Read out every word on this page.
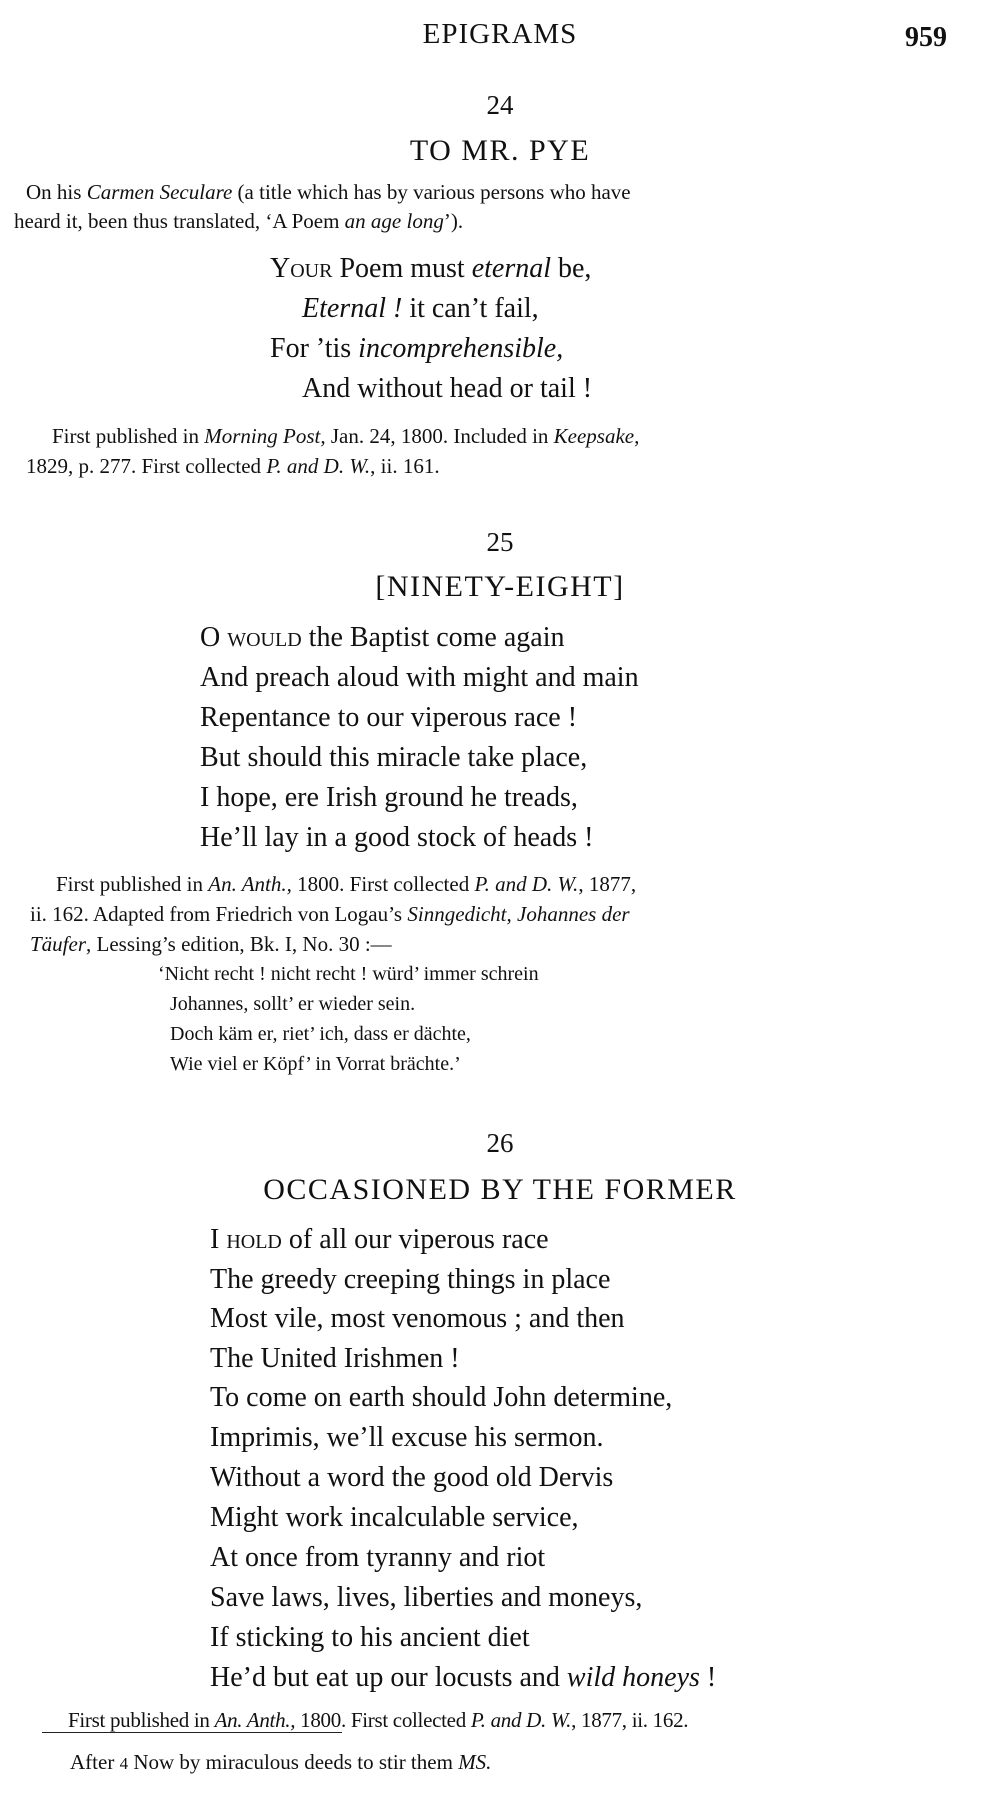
EPIGRAMS	959
24
TO MR. PYE
On his Carmen Seculare (a title which has by various persons who have
heard it, been thus translated, ‘A Poem an age long’).
Your Poem must eternal be,
Eternal ! it can’t fail,
For ’tis incomprehensible,
And without head or tail !
First published in Morning Post, Jan. 24, 1800. Included in Keepsake,
1829, p. 277. First collected P. and D. W., ii. 161.
25
[NINETY-EIGHT]
O would the Baptist come again
And preach aloud with might and main
Repentance to our viperous race !
But should this miracle take place,
I hope, ere Irish ground he treads,
He’ll lay in a good stock of heads !
First published in An. Anth., 1800. First collected P. and D. W., 1877,
ii. 162. Adapted from Friedrich von Logau’s Sinngedicht, Johannes der
Täufer, Lessing’s edition, Bk. I, No. 30 :—
‘Nicht recht ! nicht recht ! würd’ immer schrein
Johannes, sollt’ er wieder sein.
Doch käm er, riet’ ich, dass er dächte,
Wie viel er Köpf’ in Vorrat brächte.’
26
OCCASIONED BY THE FORMER
I hold of all our viperous race
The greedy creeping things in place
Most vile, most venomous ; and then
The United Irishmen !
To come on earth should John determine,
Imprimis, we’ll excuse his sermon.
Without a word the good old Dervis
Might work incalculable service,
At once from tyranny and riot
Save laws, lives, liberties and moneys,
If sticking to his ancient diet
He’d but eat up our locusts and wild honeys !
First published in An. Anth., 1800. First collected P. and D. W., 1877, ii. 162.
After 4 Now by miraculous deeds to stir them MS.
